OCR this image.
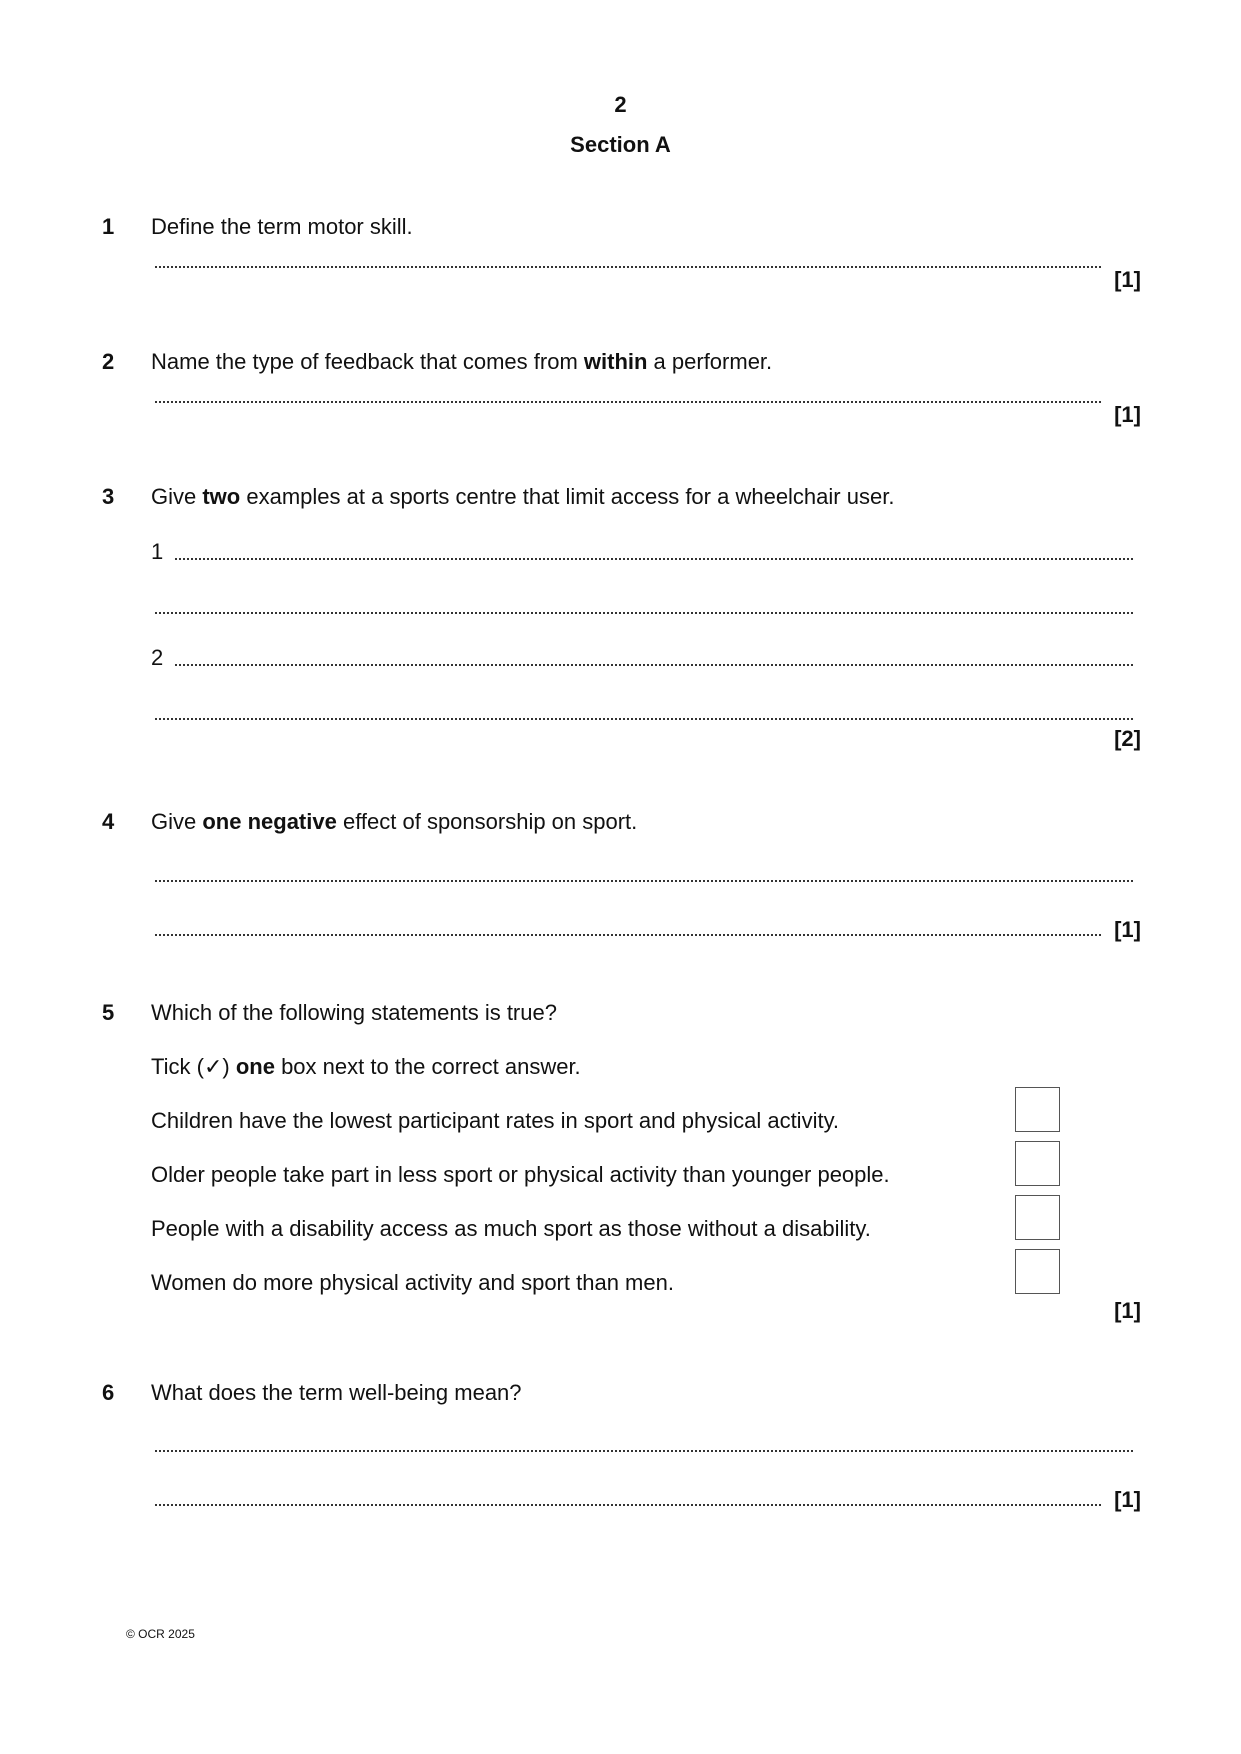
2
Section A
1 Define the term motor skill.
[1]
2 Name the type of feedback that comes from within a performer.
[1]
3 Give two examples at a sports centre that limit access for a wheelchair user.
1
2
[2]
4 Give one negative effect of sponsorship on sport.
[1]
5 Which of the following statements is true?
Tick (✓) one box next to the correct answer.
Children have the lowest participant rates in sport and physical activity.
Older people take part in less sport or physical activity than younger people.
People with a disability access as much sport as those without a disability.
Women do more physical activity and sport than men.
[1]
6 What does the term well-being mean?
[1]
© OCR 2025
